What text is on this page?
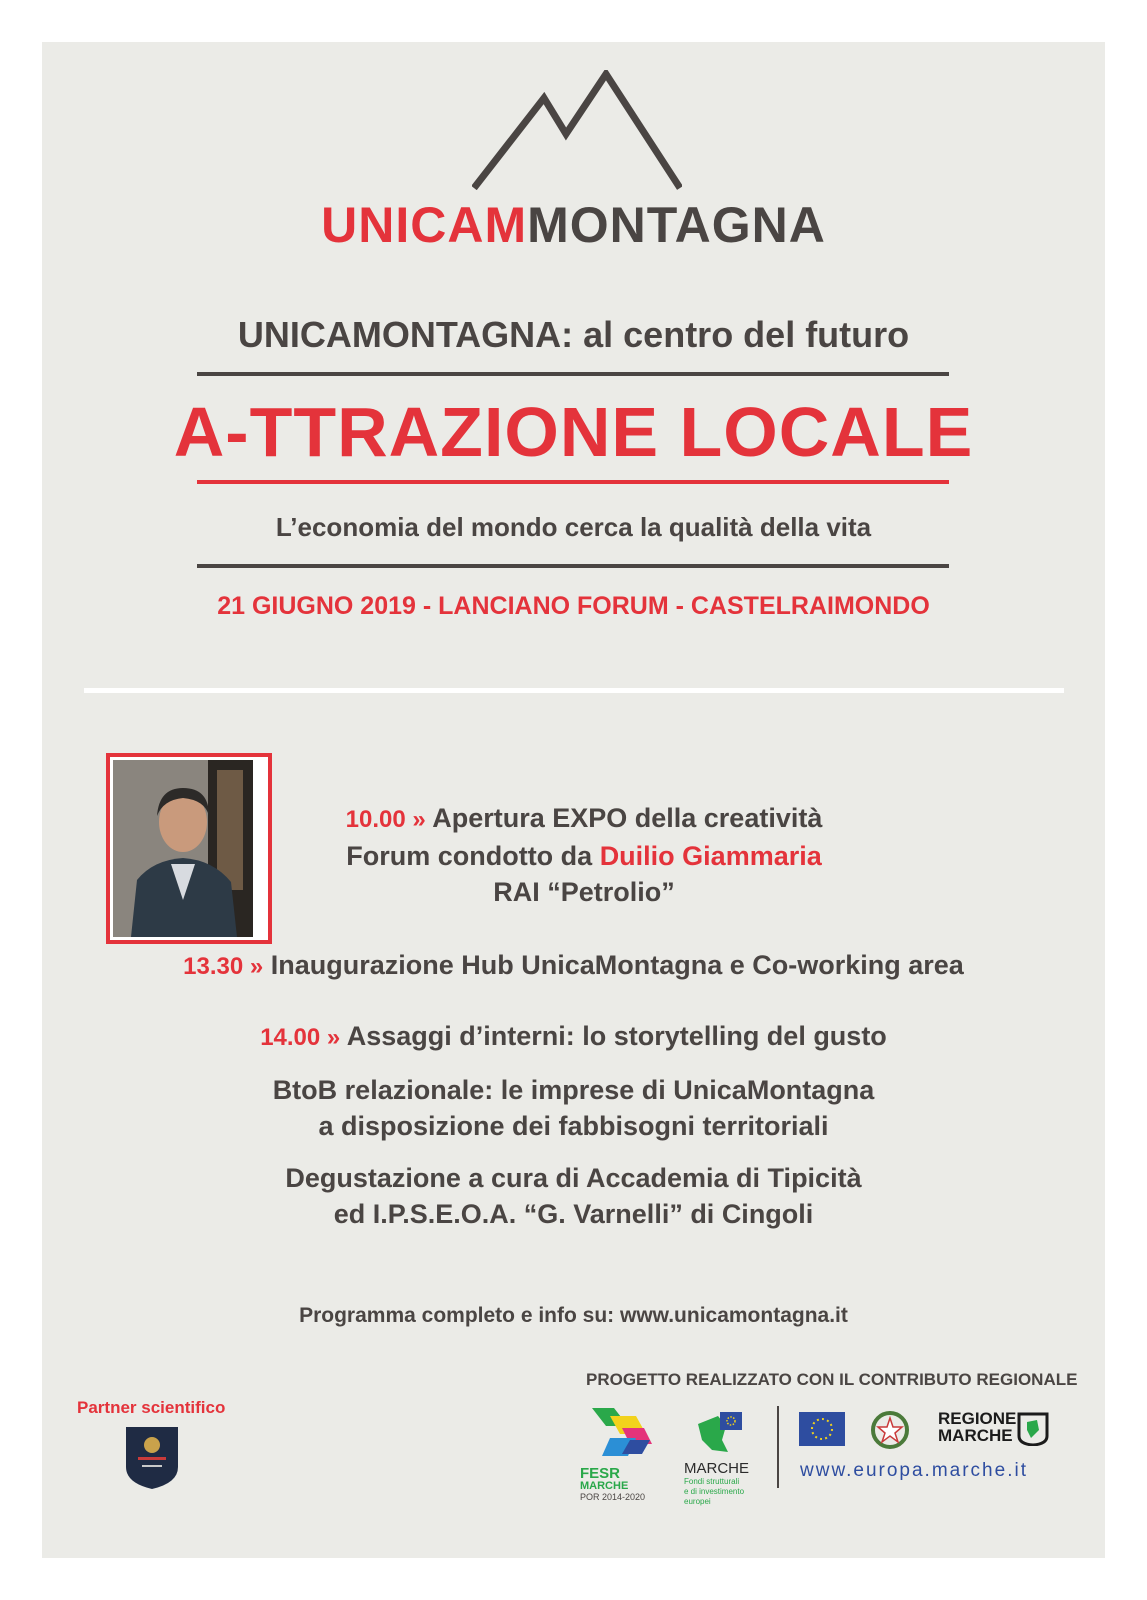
UNICAMMONTAGNA
UNICAMONTAGNA: al centro del futuro
A-TTRAZIONE LOCALE
L’economia del mondo cerca la qualità della vita
21 GIUGNO 2019 - LANCIANO FORUM - CASTELRAIMONDO
10.00 » Apertura EXPO della creatività
Forum condotto da Duilio Giammaria
RAI “Petrolio”
13.30 » Inaugurazione Hub UnicaMontagna e Co-working area
14.00 » Assaggi d’interni: lo storytelling del gusto
BtoB relazionale: le imprese di UnicaMontagna
a disposizione dei fabbisogni territoriali
Degustazione a cura di Accademia di Tipicità
ed I.P.S.E.O.A. “G. Varnelli” di Cingoli
Programma completo e info su: www.unicamontagna.it
Partner scientifico
PROGETTO REALIZZATO CON IL CONTRIBUTO REGIONALE
FESR
MARCHE
POR 2014-2020
MARCHE
Fondi strutturali
e di investimento europei
REGIONE
MARCHE
www.europa.marche.it
